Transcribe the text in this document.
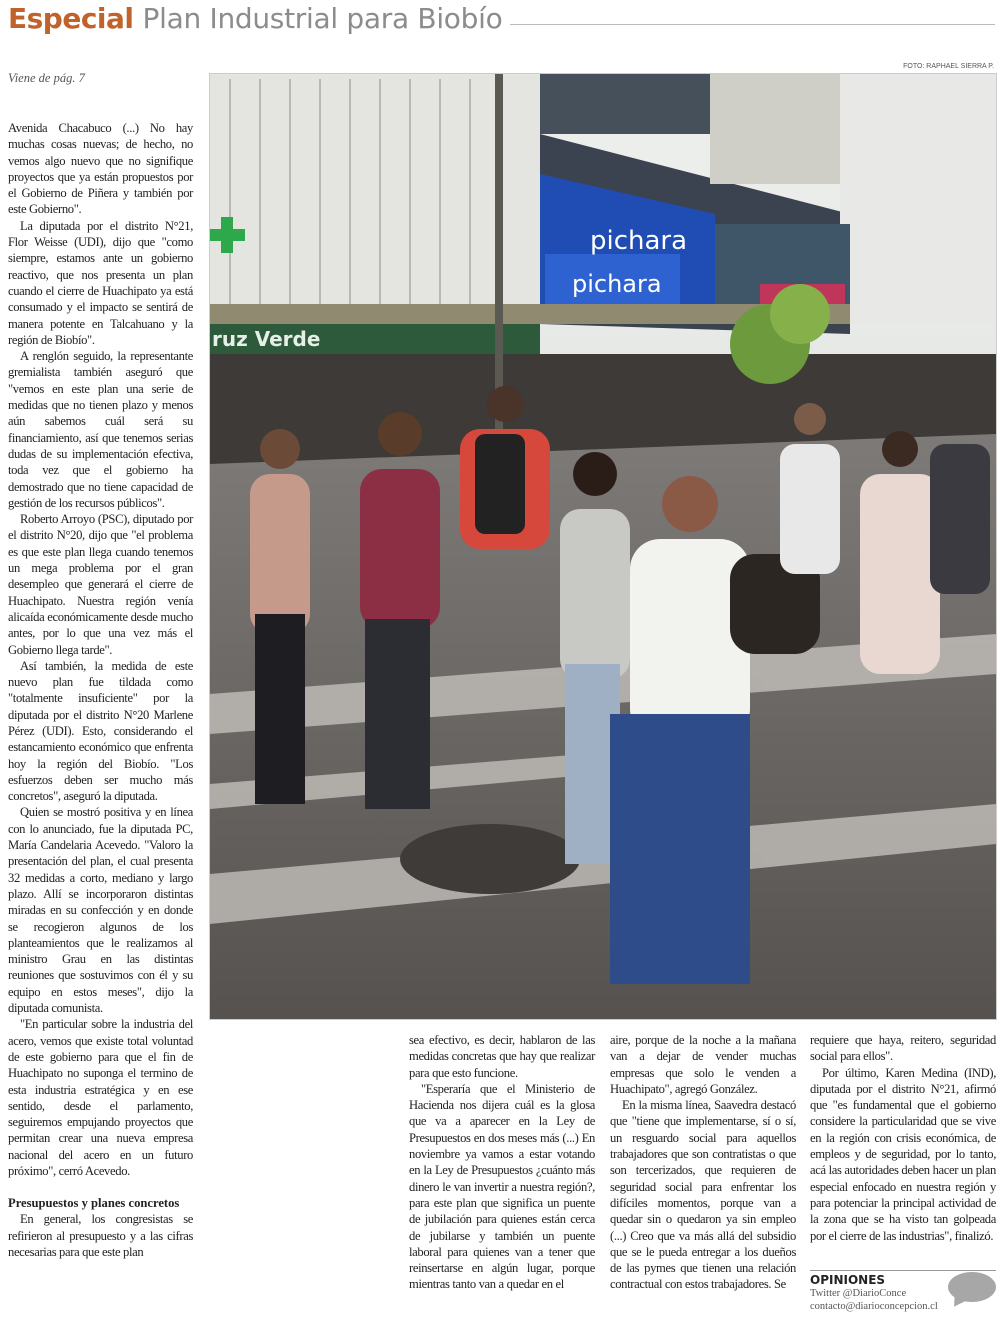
Especial Plan Industrial para Biobío
Viene de pág. 7
FOTO: RAPHAEL SIERRA P.
pichara
pichara
ruz Verde

Avenida Chacabuco (...) No hay muchas cosas nuevas; de hecho, no vemos algo nuevo que no signifique proyectos que ya están propuestos por el Gobierno de Piñera y también por este Gobierno".

La diputada por el distrito N°21, Flor Weisse (UDI), dijo que "como siempre, estamos ante un gobierno reactivo, que nos presenta un plan cuando el cierre de Huachipato ya está consumado y el impacto se sentirá de manera potente en Talcahuano y la región de Biobío".

A renglón seguido, la representante gremialista también aseguró que "vemos en este plan una serie de medidas que no tienen plazo y menos aún sabemos cuál será su financiamiento, así que tenemos serias dudas de su implementación efectiva, toda vez que el gobierno ha demostrado que no tiene capacidad de gestión de los recursos públicos".

Roberto Arroyo (PSC), diputado por el distrito N°20, dijo que "el problema es que este plan llega cuando tenemos un mega problema por el gran desempleo que generará el cierre de Huachipato. Nuestra región venía alicaída económicamente desde mucho antes, por lo que una vez más el Gobierno llega tarde".

Así también, la medida de este nuevo plan fue tildada como "totalmente insuficiente" por la diputada por el distrito N°20 Marlene Pérez (UDI). Esto, considerando el estancamiento económico que enfrenta hoy la región del Biobío. "Los esfuerzos deben ser mucho más concretos", aseguró la diputada.

Quien se mostró positiva y en línea con lo anunciado, fue la diputada PC, María Candelaria Acevedo. "Valoro la presentación del plan, el cual presenta 32 medidas a corto, mediano y largo plazo. Allí se incorporaron distintas miradas en su confección y en donde se recogieron algunos de los planteamientos que le realizamos al ministro Grau en las distintas reuniones que sostuvimos con él y su equipo en estos meses", dijo la diputada comunista.

"En particular sobre la industria del acero, vemos que existe total voluntad de este gobierno para que el fin de Huachipato no suponga el termino de esta industria estratégica y en ese sentido, desde el parlamento, seguiremos empujando proyectos que permitan crear una nueva empresa nacional del acero en un futuro próximo", cerró Acevedo.

Presupuestos y planes concretos

En general, los congresistas se refirieron al presupuesto y a las cifras necesarias para que este plan

sea efectivo, es decir, hablaron de las medidas concretas que hay que realizar para que esto funcione.

"Esperaría que el Ministerio de Hacienda nos dijera cuál es la glosa que va a aparecer en la Ley de Presupuestos en dos meses más (...) En noviembre ya vamos a estar votando en la Ley de Presupuestos ¿cuánto más dinero le van invertir a nuestra región?, para este plan que significa un puente de jubilación para quienes están cerca de jubilarse y también un puente laboral para quienes van a tener que reinsertarse en algún lugar, porque mientras tanto van a quedar en el

aire, porque de la noche a la mañana van a dejar de vender muchas empresas que solo le venden a Huachipato", agregó González.

En la misma línea, Saavedra destacó que "tiene que implementarse, sí o sí, un resguardo social para aquellos trabajadores que son contratistas o que son tercerizados, que requieren de seguridad social para enfrentar los difíciles momentos, porque van a quedar sin o quedaron ya sin empleo (...) Creo que va más allá del subsidio que se le pueda entregar a los dueños de las pymes que tienen una relación contractual con estos trabajadores. Se

requiere que haya, reitero, seguridad social para ellos".

Por último, Karen Medina (IND), diputada por el distrito N°21, afirmó que "es fundamental que el gobierno considere la particularidad que se vive en la región con crisis económica, de empleos y de seguridad, por lo tanto, acá las autoridades deben hacer un plan especial enfocado en nuestra región y para potenciar la principal actividad de la zona que se ha visto tan golpeada por el cierre de las industrias", finalizó.

OPINIONES
Twitter @DiarioConce
contacto@diarioconcepcion.cl
